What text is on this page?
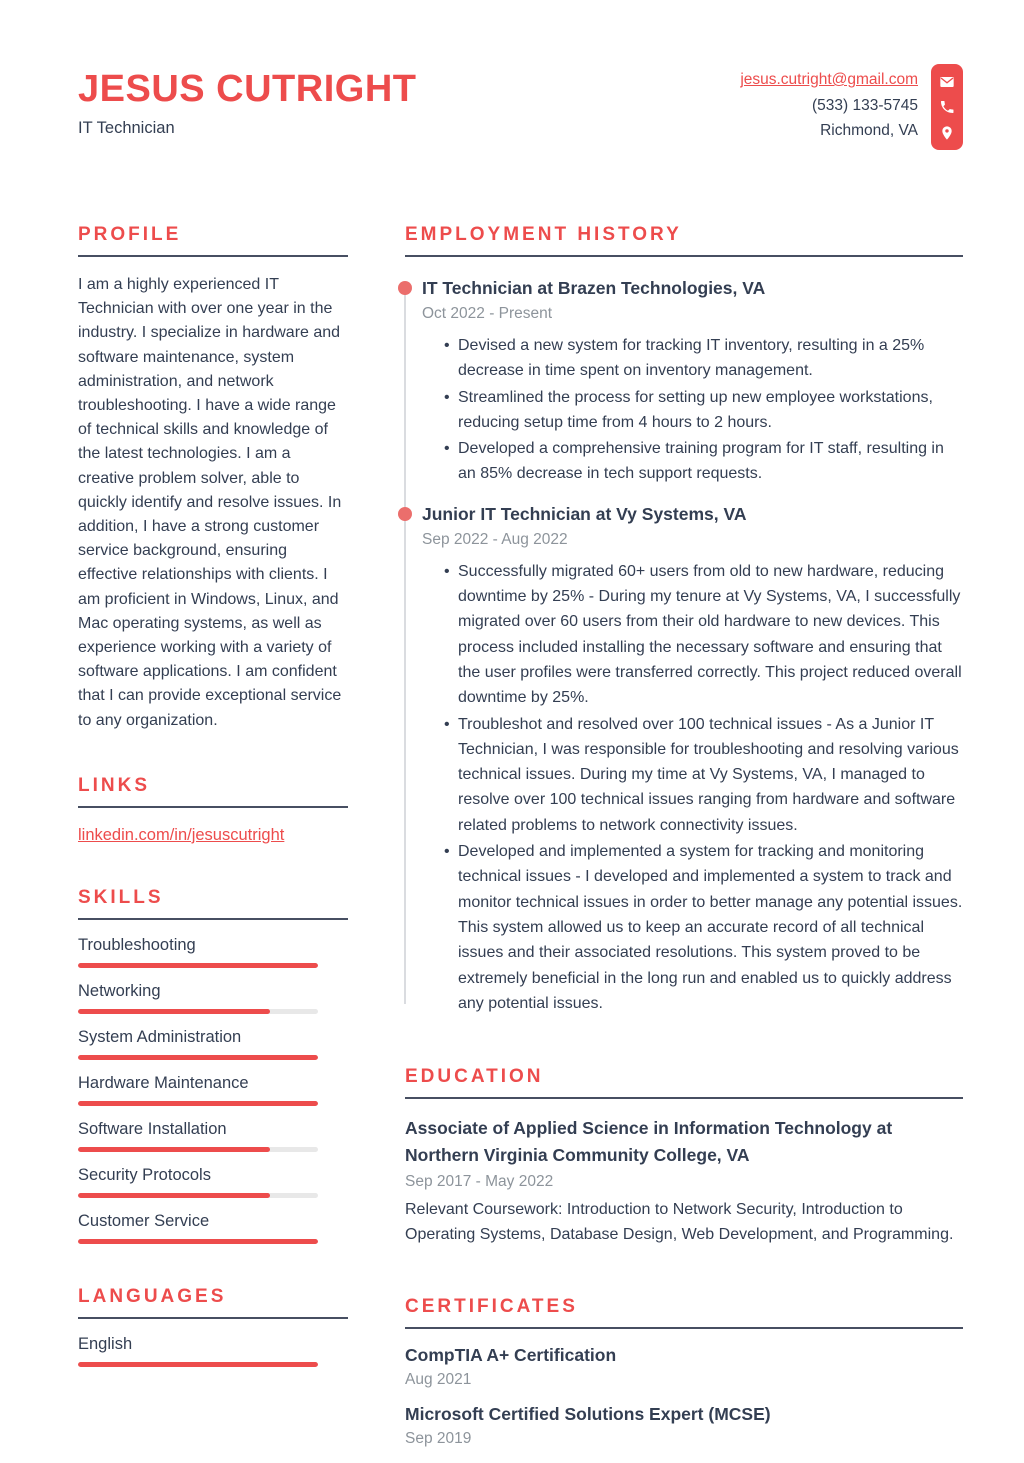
JESUS CUTRIGHT
IT Technician
jesus.cutright@gmail.com
(533) 133-5745
Richmond, VA
PROFILE

I am a highly experienced IT Technician with over one year in the industry. I specialize in hardware and software maintenance, system administration, and network troubleshooting. I have a wide range of technical skills and knowledge of the latest technologies. I am a creative problem solver, able to quickly identify and resolve issues. In addition, I have a strong customer service background, ensuring effective relationships with clients. I am proficient in Windows, Linux, and Mac operating systems, as well as experience working with a variety of software applications. I am confident that I can provide exceptional service to any organization.

LINKS
linkedin.com/in/jesuscutright
SKILLS
Troubleshooting
Networking
System Administration
Hardware Maintenance
Software Installation
Security Protocols
Customer Service
LANGUAGES
English
EMPLOYMENT HISTORY
IT Technician at Brazen Technologies, VA
Oct 2022 - Present
• Devised a new system for tracking IT inventory, resulting in a 25% decrease in time spent on inventory management.
• Streamlined the process for setting up new employee workstations, reducing setup time from 4 hours to 2 hours.
• Developed a comprehensive training program for IT staff, resulting in an 85% decrease in tech support requests.
Junior IT Technician at Vy Systems, VA
Sep 2022 - Aug 2022
• Successfully migrated 60+ users from old to new hardware, reducing downtime by 25% - During my tenure at Vy Systems, VA, I successfully migrated over 60 users from their old hardware to new devices. This process included installing the necessary software and ensuring that the user profiles were transferred correctly. This project reduced overall downtime by 25%.
• Troubleshot and resolved over 100 technical issues - As a Junior IT Technician, I was responsible for troubleshooting and resolving various technical issues. During my time at Vy Systems, VA, I managed to resolve over 100 technical issues ranging from hardware and software related problems to network connectivity issues.
• Developed and implemented a system for tracking and monitoring technical issues - I developed and implemented a system to track and monitor technical issues in order to better manage any potential issues. This system allowed us to keep an accurate record of all technical issues and their associated resolutions. This system proved to be extremely beneficial in the long run and enabled us to quickly address any potential issues.
EDUCATION
Associate of Applied Science in Information Technology at Northern Virginia Community College, VA
Sep 2017 - May 2022

Relevant Coursework: Introduction to Network Security, Introduction to Operating Systems, Database Design, Web Development, and Programming.

CERTIFICATES
CompTIA A+ Certification
Aug 2021
Microsoft Certified Solutions Expert (MCSE)
Sep 2019
